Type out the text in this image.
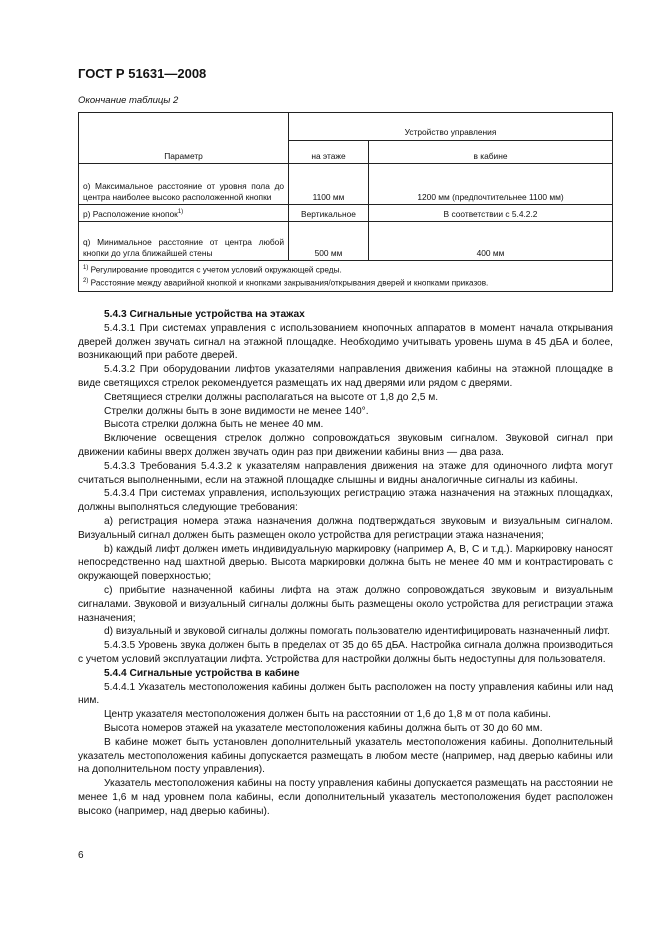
ГОСТ Р 51631—2008
Окончание таблицы 2
Параметр	Устройство управления	
	на этаже	в кабине
o) Максимальное расстояние от уровня пола до центра наиболее высоко расположенной кнопки	1100 мм	1200 мм (предпочтительнее 1100 мм)
р) Расположение кнопок$^{1)}$	Вертикальное	В соответствии с 5.4.2.2
q) Минимальное расстояние от центра любой кнопки до угла ближайшей стены	500 мм	400 мм

$^{1)}$ Регулирование проводится с учетом условий окружающей среды.
$^{2)}$ Расстояние между аварийной кнопкой и кнопками закрывания/открывания дверей и кнопками приказов.		

5.4.3 Сигнальные устройства на этажах

5.4.3.1 При системах управления с использованием кнопочных аппаратов в момент начала открывания дверей должен звучать сигнал на этажной площадке. Необходимо учитывать уровень шума в 45 дБА и более, возникающий при работе дверей.

5.4.3.2 При оборудовании лифтов указателями направления движения кабины на этажной площадке в виде светящихся стрелок рекомендуется размещать их над дверями или рядом с дверями.

Светящиеся стрелки должны располагаться на высоте от 1,8 до 2,5 м.

Стрелки должны быть в зоне видимости не менее 140°.

Высота стрелки должна быть не менее 40 мм.

Включение освещения стрелок должно сопровождаться звуковым сигналом. Звуковой сигнал при движении кабины вверх должен звучать один раз при движении кабины вниз — два раза.

5.4.3.3 Требования 5.4.3.2 к указателям направления движения на этаже для одиночного лифта могут считаться выполненными, если на этажной площадке слышны и видны аналогичные сигналы из кабины.

5.4.3.4 При системах управления, использующих регистрацию этажа назначения на этажных площадках, должны выполняться следующие требования:

a) регистрация номера этажа назначения должна подтверждаться звуковым и визуальным сигналом. Визуальный сигнал должен быть размещен около устройства для регистрации этажа назначения;

b) каждый лифт должен иметь индивидуальную маркировку (например А, В, С и т.д.). Маркировку наносят непосредственно над шахтной дверью. Высота маркировки должна быть не менее 40 мм и контрастировать с окружающей поверхностью;

c) прибытие назначенной кабины лифта на этаж должно сопровождаться звуковым и визуальным сигналами. Звуковой и визуальный сигналы должны быть размещены около устройства для регистрации этажа назначения;

d) визуальный и звуковой сигналы должны помогать пользователю идентифицировать назначенный лифт.

5.4.3.5 Уровень звука должен быть в пределах от 35 до 65 дБА. Настройка сигнала должна производиться с учетом условий эксплуатации лифта. Устройства для настройки должны быть недоступны для пользователя.

5.4.4 Сигнальные устройства в кабине

5.4.4.1 Указатель местоположения кабины должен быть расположен на посту управления кабины или над ним.

Центр указателя местоположения должен быть на расстоянии от 1,6 до 1,8 м от пола кабины.

Высота номеров этажей на указателе местоположения кабины должна быть от 30 до 60 мм.

В кабине может быть установлен дополнительный указатель местоположения кабины. Дополнительный указатель местоположения кабины допускается размещать в любом месте (например, над дверью кабины или на дополнительном посту управления).

Указатель местоположения кабины на посту управления кабины допускается размещать на расстоянии не менее 1,6 м над уровнем пола кабины, если дополнительный указатель местоположения будет расположен высоко (например, над дверью кабины).

6
